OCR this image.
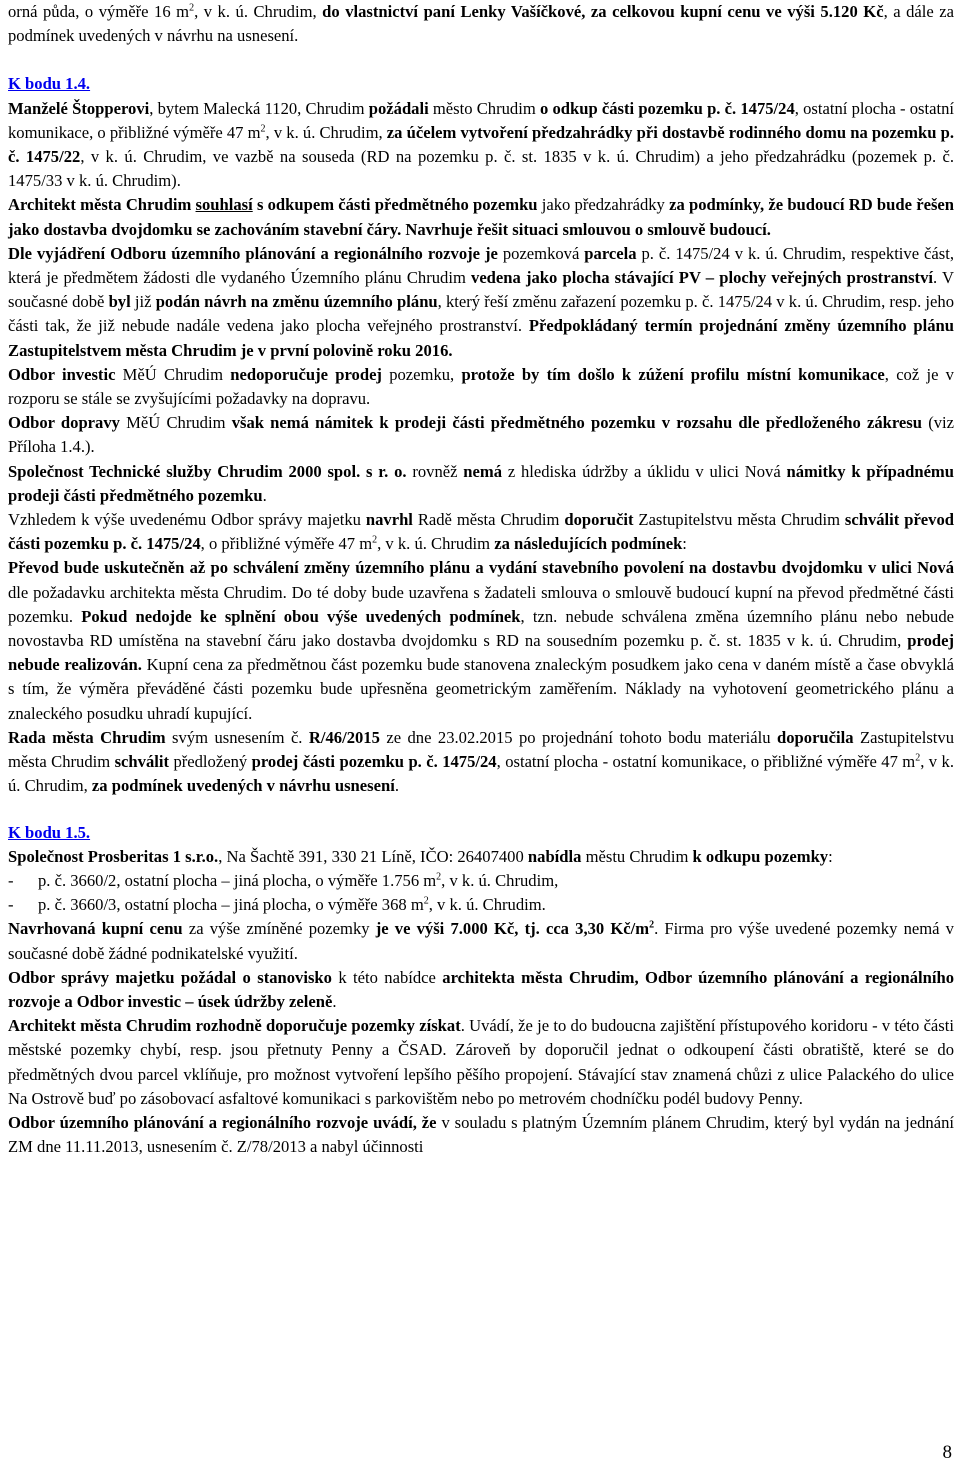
orná půda, o výměře 16 $m^2$, v k. ú. Chrudim, do vlastnictví paní Lenky Vašíčkové, za celkovou kupní cenu ve výši 5.120 Kč, a dále za podmínek uvedených v návrhu na usnesení.

K bodu 1.4.

Manželé Štopperovi, bytem Malecká 1120, Chrudim požádali město Chrudim o odkup části pozemku p. č. 1475/24, ostatní plocha - ostatní komunikace, o přibližné výměře 47 $m^2$, v k. ú. Chrudim, za účelem vytvoření předzahrádky při dostavbě rodinného domu na pozemku p. č. 1475/22, v k. ú. Chrudim, ve vazbě na souseda (RD na pozemku p. č. st. 1835 v k. ú. Chrudim) a jeho předzahrádku (pozemek p. č. 1475/33 v k. ú. Chrudim).

Architekt města Chrudim souhlasí s odkupem části předmětného pozemku jako předzahrádky za podmínky, že budoucí RD bude řešen jako dostavba dvojdomku se zachováním stavební čáry. Navrhuje řešit situaci smlouvou o smlouvě budoucí.

Dle vyjádření Odboru územního plánování a regionálního rozvoje je pozemková parcela p. č. 1475/24 v k. ú. Chrudim, respektive část, která je předmětem žádosti dle vydaného Územního plánu Chrudim vedena jako plocha stávající PV – plochy veřejných prostranství. V současné době byl již podán návrh na změnu územního plánu, který řeší změnu zařazení pozemku p. č. 1475/24 v k. ú. Chrudim, resp. jeho části tak, že již nebude nadále vedena jako plocha veřejného prostranství. Předpokládaný termín projednání změny územního plánu Zastupitelstvem města Chrudim je v první polovině roku 2016.

Odbor investic MěÚ Chrudim nedoporučuje prodej pozemku, protože by tím došlo k zúžení profilu místní komunikace, což je v rozporu se stále se zvyšujícími požadavky na dopravu.

Odbor dopravy MěÚ Chrudim však nemá námitek k prodeji části předmětného pozemku v rozsahu dle předloženého zákresu (viz Příloha 1.4.).

Společnost Technické služby Chrudim 2000 spol. s r. o. rovněž nemá z hlediska údržby a úklidu v ulici Nová námitky k případnému prodeji části předmětného pozemku.

Vzhledem k výše uvedenému Odbor správy majetku navrhl Radě města Chrudim doporučit Zastupitelstvu města Chrudim schválit převod části pozemku p. č. 1475/24, o přibližné výměře 47 $m^2$, v k. ú. Chrudim za následujících podmínek:

Převod bude uskutečněn až po schválení změny územního plánu a vydání stavebního povolení na dostavbu dvojdomku v ulici Nová dle požadavku architekta města Chrudim. Do té doby bude uzavřena s žadateli smlouva o smlouvě budoucí kupní na převod předmětné části pozemku. Pokud nedojde ke splnění obou výše uvedených podmínek, tzn. nebude schválena změna územního plánu nebo nebude novostavba RD umístěna na stavební čáru jako dostavba dvojdomku s RD na sousedním pozemku p. č. st. 1835 v k. ú. Chrudim, prodej nebude realizován. Kupní cena za předmětnou část pozemku bude stanovena znaleckým posudkem jako cena v daném místě a čase obvyklá s tím, že výměra převáděné části pozemku bude upřesněna geometrickým zaměřením. Náklady na vyhotovení geometrického plánu a znaleckého posudku uhradí kupující.

Rada města Chrudim svým usnesením č. R/46/2015 ze dne 23.02.2015 po projednání tohoto bodu materiálu doporučila Zastupitelstvu města Chrudim schválit předložený prodej části pozemku p. č. 1475/24, ostatní plocha - ostatní komunikace, o přibližné výměře 47 $m^2$, v k. ú. Chrudim, za podmínek uvedených v návrhu usnesení.

K bodu 1.5.

Společnost Prosberitas 1 s.r.o., Na Šachtě 391, 330 21 Líně, IČO: 26407400 nabídla městu Chrudim k odkupu pozemky:

-	p. č. 3660/2, ostatní plocha – jiná plocha, o výměře 1.756 $m^2$, v k. ú. Chrudim,

-	p. č. 3660/3, ostatní plocha – jiná plocha, o výměře 368 $m^2$, v k. ú. Chrudim.

Navrhovaná kupní cenu za výše zmíněné pozemky je ve výši 7.000 Kč, tj. cca 3,30 $Kč/m^2$. Firma pro výše uvedené pozemky nemá v současné době žádné podnikatelské využití.

Odbor správy majetku požádal o stanovisko k této nabídce architekta města Chrudim, Odbor územního plánování a regionálního rozvoje a Odbor investic – úsek údržby zeleně.

Architekt města Chrudim rozhodně doporučuje pozemky získat. Uvádí, že je to do budoucna zajištění přístupového koridoru - v této části městské pozemky chybí, resp. jsou přetnuty Penny a ČSAD. Zároveň by doporučil jednat o odkoupení části obratiště, které se do předmětných dvou parcel vklíňuje, pro možnost vytvoření lepšího pěšího propojení. Stávající stav znamená chůzi z ulice Palackého do ulice Na Ostrově buď po zásobovací asfaltové komunikaci s parkovištěm nebo po metrovém chodníčku podél budovy Penny.

Odbor územního plánování a regionálního rozvoje uvádí, že v souladu s platným Územním plánem Chrudim, který byl vydán na jednání ZM dne 11.11.2013, usnesením č. Z/78/2013 a nabyl účinnosti

8
